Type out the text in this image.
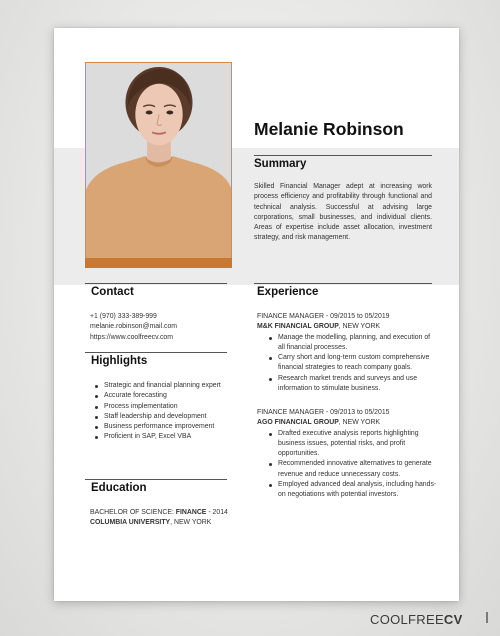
Melanie Robinson
Summary
Skilled Financial Manager adept at increasing work process efficiency and profitability through functional and technical analysis. Successful at advising large corporations, small businesses, and individual clients. Areas of expertise include asset allocation, investment strategy, and risk management.
Contact
+1 (970) 333-389-999
melanie.robinson@mail.com
https://www.coolfreecv.com
Highlights
Strategic and financial planning expert
Accurate forecasting
Process implementation
Staff leadership and development
Business performance improvement
Proficient in SAP, Excel VBA
Education
BACHELOR OF SCIENCE: FINANCE - 2014
COLUMBIA UNIVERSITY, NEW YORK
Experience
FINANCE MANAGER - 09/2015 to 05/2019
M&K FINANCIAL GROUP, NEW YORK
Manage the modelling, planning, and execution of all financial processes.
Carry short and long-term custom comprehensive financial strategies to reach company goals.
Research market trends and surveys and use information to stimulate business.
FINANCE MANAGER - 09/2013 to 05/2015
AGO FINANCIAL GROUP, NEW YORK
Drafted executive analysis reports highlighting business issues, potential risks, and profit opportunities.
Recommended innovative alternatives to generate revenue and reduce unnecessary costs.
Employed advanced deal analysis, including hands-on negotiations with potential investors.
COOLFREECV
